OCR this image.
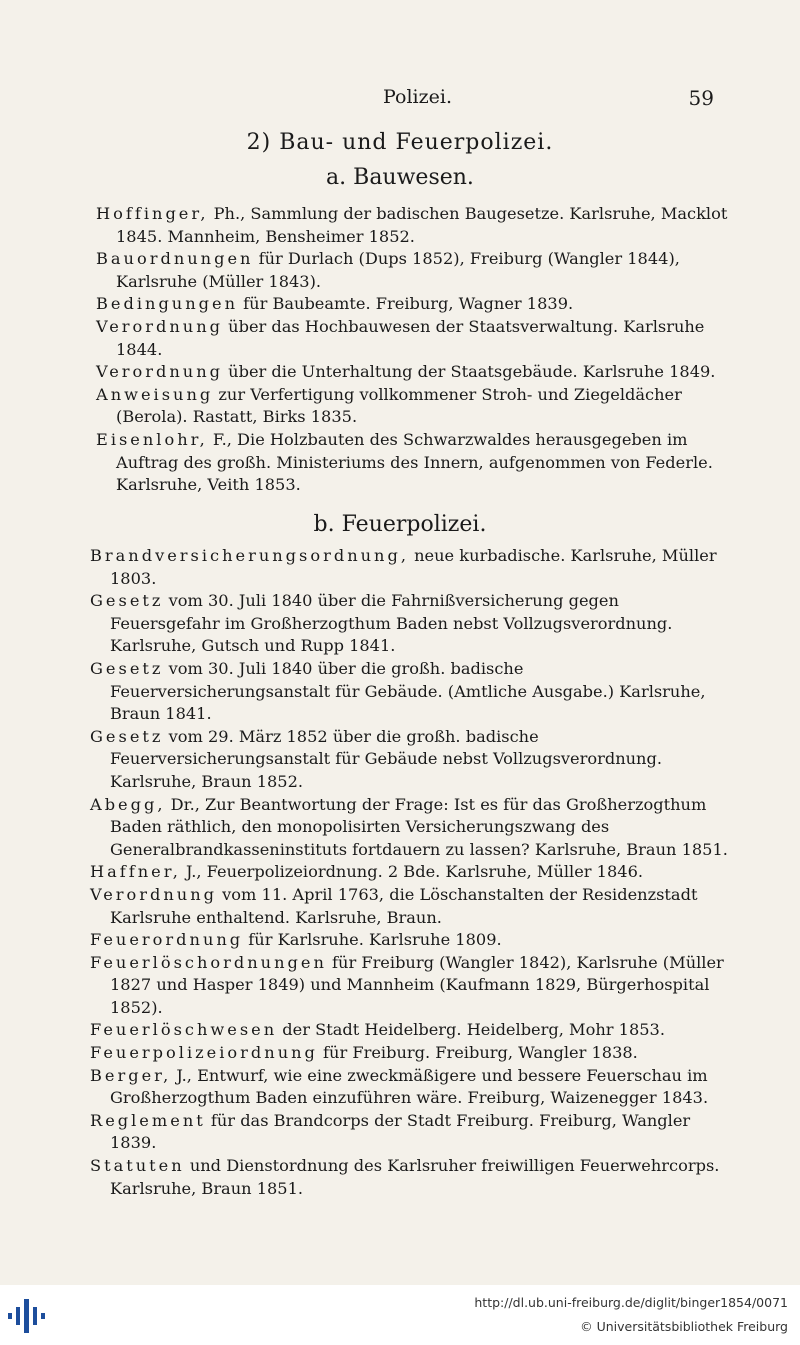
Polizei.	59
2) Bau- und Feuerpolizei.
a. Bauwesen.
Hoffinger, Ph., Sammlung der badischen Baugesetze. Karlsruhe, Macklot 1845. Mannheim, Bensheimer 1852.
Bauordnungen für Durlach (Dups 1852), Freiburg (Wangler 1844), Karlsruhe (Müller 1843).
Bedingungen für Baubeamte. Freiburg, Wagner 1839.
Verordnung über das Hochbauwesen der Staatsverwaltung. Karlsruhe 1844.
Verordnung über die Unterhaltung der Staatsgebäude. Karlsruhe 1849.
Anweisung zur Verfertigung vollkommener Stroh- und Ziegeldächer (Berola). Rastatt, Birks 1835.
Eisenlohr, F., Die Holzbauten des Schwarzwaldes herausgegeben im Auftrag des großh. Ministeriums des Innern, aufgenommen von Federle. Karlsruhe, Veith 1853.
b. Feuerpolizei.
Brandversicherungsordnung, neue kurbadische. Karlsruhe, Müller 1803.
Gesetz vom 30. Juli 1840 über die Fahrnißversicherung gegen Feuersgefahr im Großherzogthum Baden nebst Vollzugsverordnung. Karlsruhe, Gutsch und Rupp 1841.
Gesetz vom 30. Juli 1840 über die großh. badische Feuerversicherungsanstalt für Gebäude. (Amtliche Ausgabe.) Karlsruhe, Braun 1841.
Gesetz vom 29. März 1852 über die großh. badische Feuerversicherungsanstalt für Gebäude nebst Vollzugsverordnung. Karlsruhe, Braun 1852.
Abegg, Dr., Zur Beantwortung der Frage: Ist es für das Großherzogthum Baden räthlich, den monopolisirten Versicherungszwang des Generalbrandkasseninstituts fortdauern zu lassen? Karlsruhe, Braun 1851.
Haffner, J., Feuerpolizeiordnung. 2 Bde. Karlsruhe, Müller 1846.
Verordnung vom 11. April 1763, die Löschanstalten der Residenzstadt Karlsruhe enthaltend. Karlsruhe, Braun.
Feuerordnung für Karlsruhe. Karlsruhe 1809.
Feuerlöschordnungen für Freiburg (Wangler 1842), Karlsruhe (Müller 1827 und Hasper 1849) und Mannheim (Kaufmann 1829, Bürgerhospital 1852).
Feuerlöschwesen der Stadt Heidelberg. Heidelberg, Mohr 1853.
Feuerpolizeiordnung für Freiburg. Freiburg, Wangler 1838.
Berger, J., Entwurf, wie eine zweckmäßigere und bessere Feuerschau im Großherzogthum Baden einzuführen wäre. Freiburg, Waizenegger 1843.
Reglement für das Brandcorps der Stadt Freiburg. Freiburg, Wangler 1839.
Statuten und Dienstordnung des Karlsruher freiwilligen Feuerwehrcorps. Karlsruhe, Braun 1851.
http://dl.ub.uni-freiburg.de/diglit/binger1854/0071
© Universitätsbibliothek Freiburg
